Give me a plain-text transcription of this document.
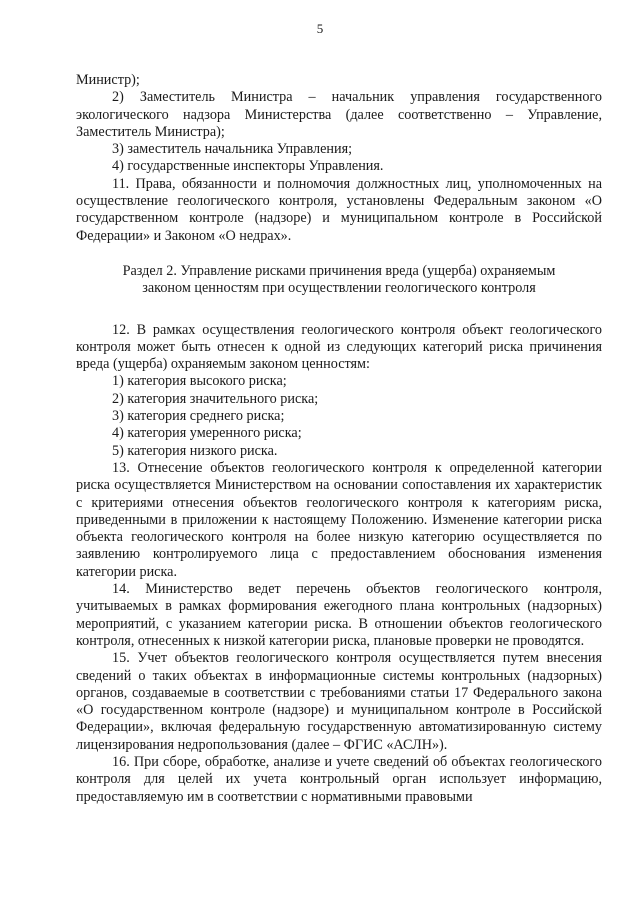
5

Министр);

2) Заместитель Министра – начальник управления государственного экологического надзора Министерства (далее соответственно – Управление, Заместитель Министра);

3) заместитель начальника Управления;

4) государственные инспекторы Управления.

11. Права, обязанности и полномочия должностных лиц, уполномоченных на осуществление геологического контроля, установлены Федеральным законом «О государственном контроле (надзоре) и муниципальном контроле в Российской Федерации» и Законом «О недрах».

Раздел 2. Управление рисками причинения вреда (ущерба) охраняемым
законом ценностям при осуществлении геологического контроля

12. В рамках осуществления геологического контроля объект геологического контроля может быть отнесен к одной из следующих категорий риска причинения вреда (ущерба) охраняемым законом ценностям:

1) категория высокого риска;

2) категория значительного риска;

3) категория среднего риска;

4) категория умеренного риска;

5) категория низкого риска.

13. Отнесение объектов геологического контроля к определенной категории риска осуществляется Министерством на основании сопоставления их характеристик с критериями отнесения объектов геологического контроля к категориям риска, приведенными в приложении к настоящему Положению. Изменение категории риска объекта геологического контроля на более низкую категорию осуществляется по заявлению контролируемого лица с предоставлением обоснования изменения категории риска.

14. Министерство ведет перечень объектов геологического контроля, учитываемых в рамках формирования ежегодного плана контрольных (надзорных) мероприятий, с указанием категории риска. В отношении объектов геологического контроля, отнесенных к низкой категории риска, плановые проверки не проводятся.

15. Учет объектов геологического контроля осуществляется путем внесения сведений о таких объектах в информационные системы контрольных (надзорных) органов, создаваемые в соответствии с требованиями статьи 17 Федерального закона «О государственном контроле (надзоре) и муниципальном контроле в Российской Федерации», включая федеральную государственную автоматизированную систему лицензирования недропользования (далее – ФГИС «АСЛН»).

16. При сборе, обработке, анализе и учете сведений об объектах геологического контроля для целей их учета контрольный орган использует информацию, предоставляемую им в соответствии с нормативными правовыми
